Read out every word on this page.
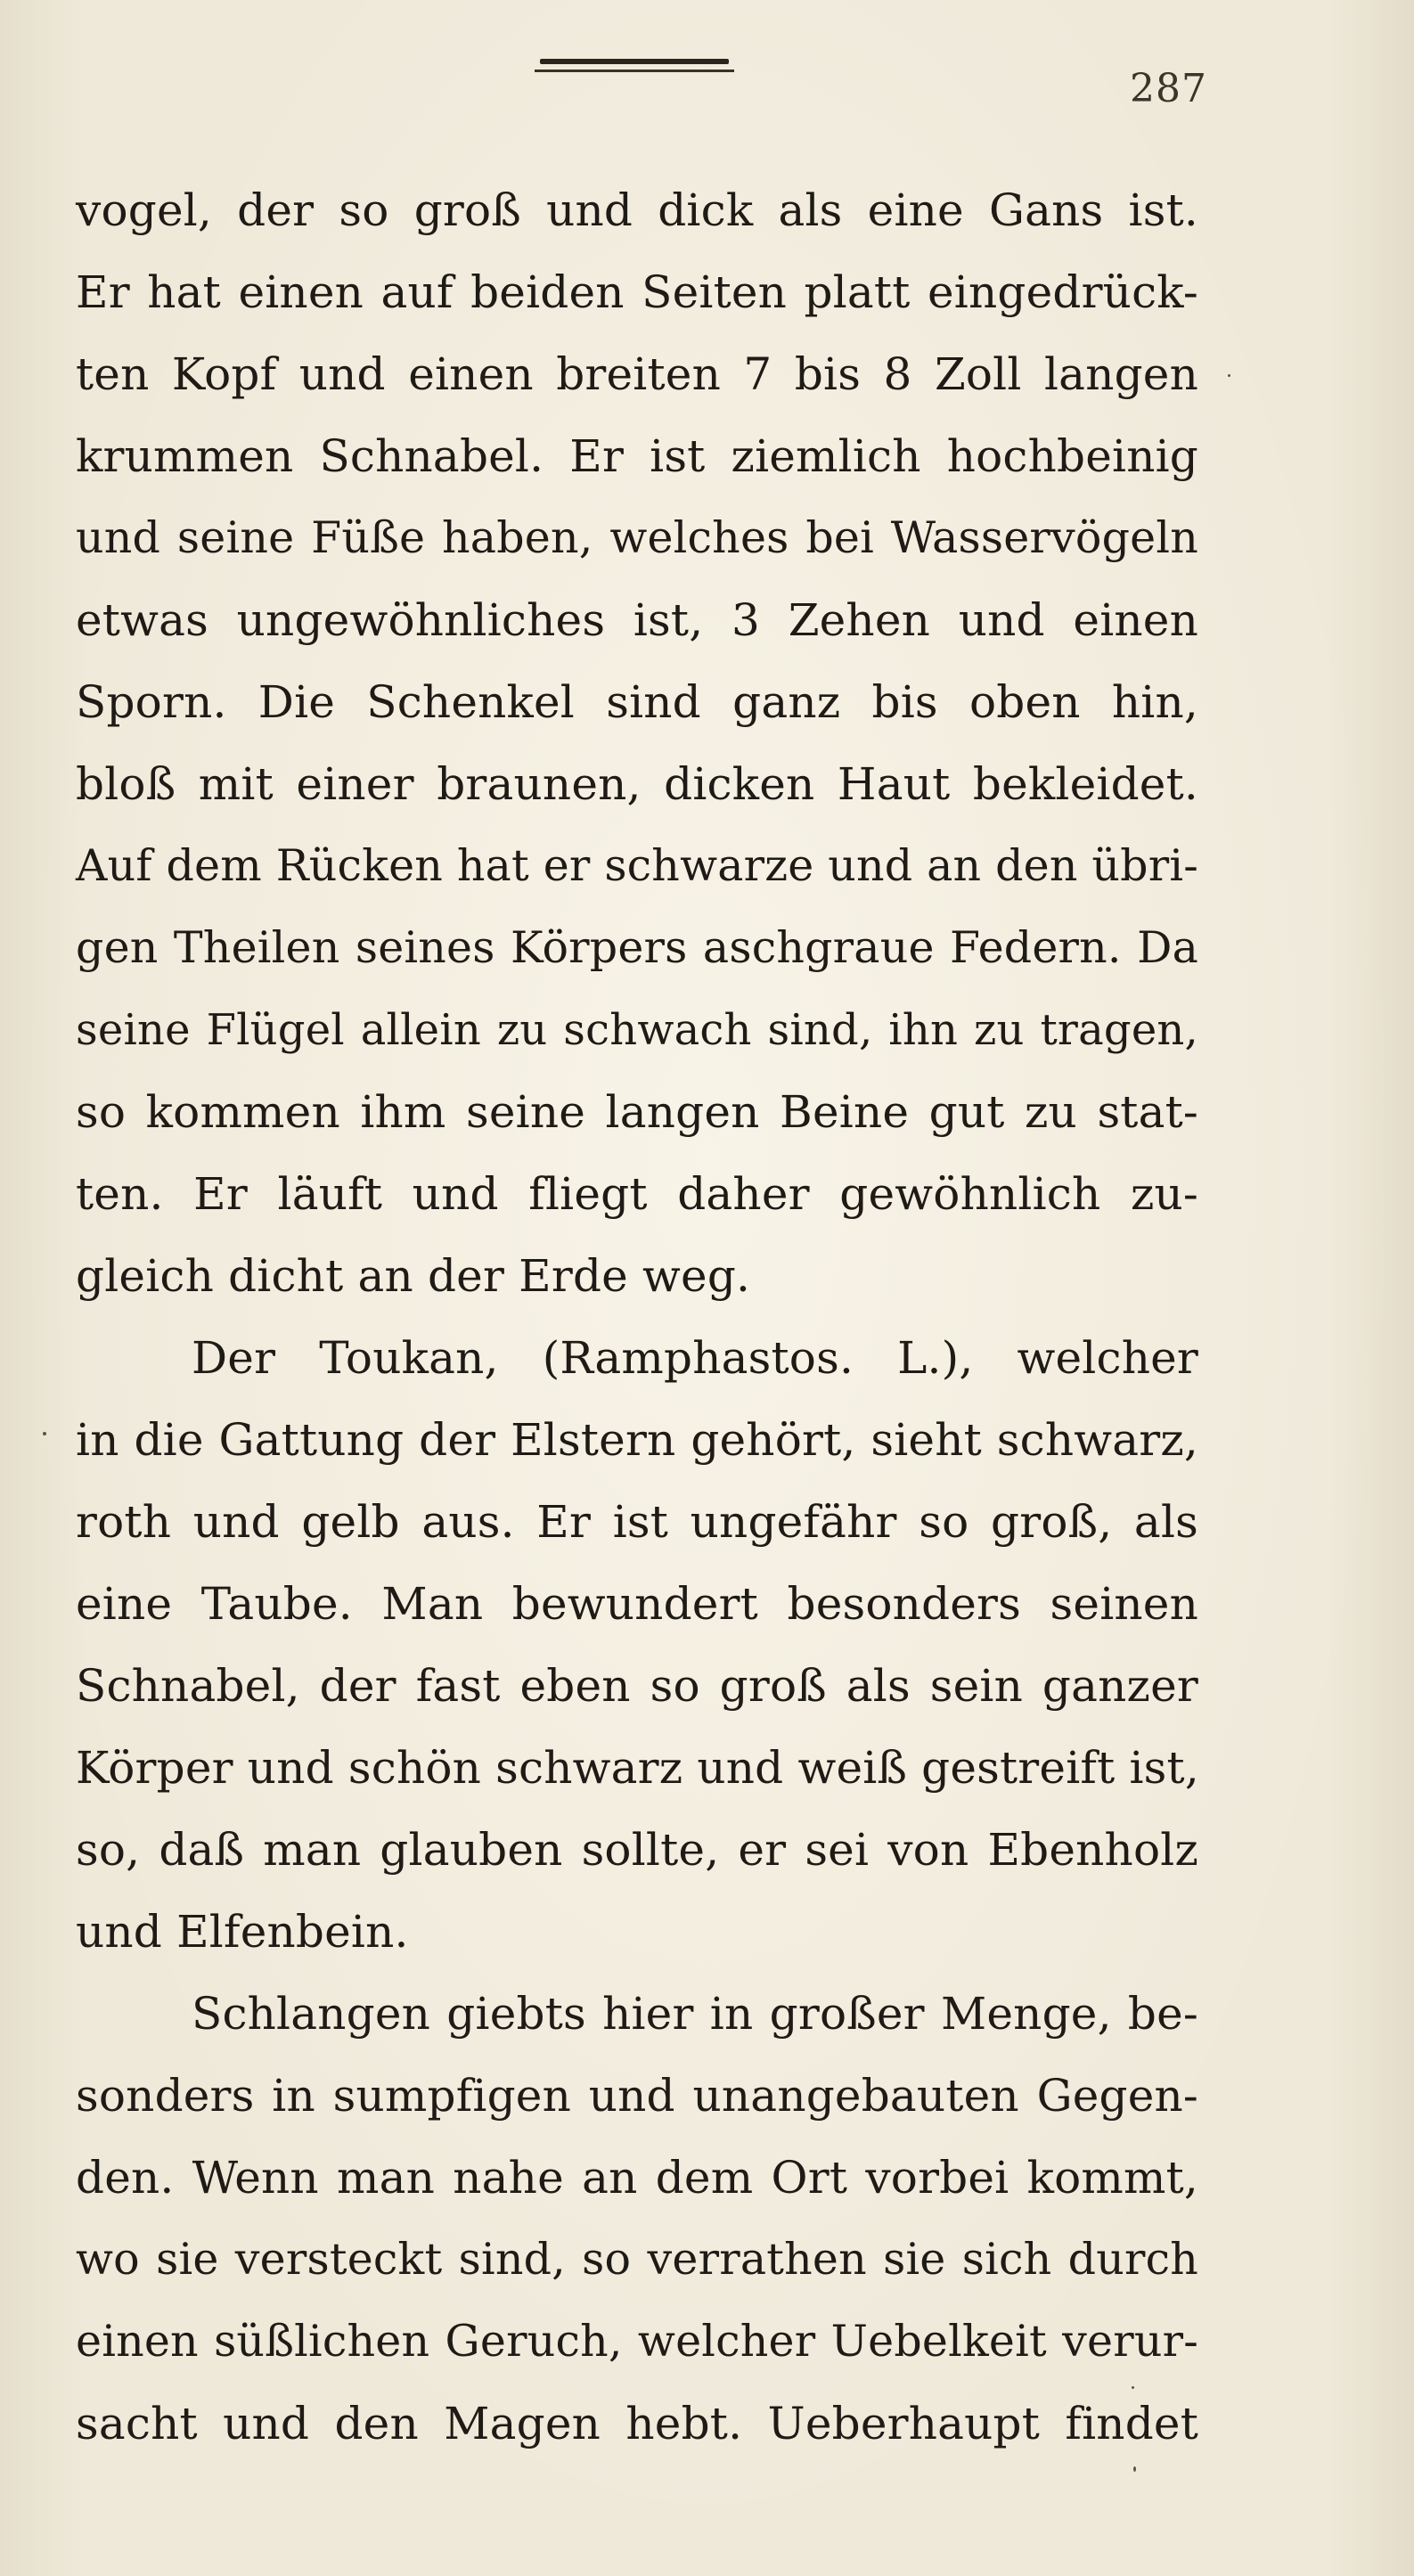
287
vogel, der so groß und dick als eine Gans ist.
Er hat einen auf beiden Seiten platt eingedrück-
ten Kopf und einen breiten 7 bis 8 Zoll langen
krummen Schnabel. Er ist ziemlich hochbeinig
und seine Füße haben, welches bei Wasservögeln
etwas ungewöhnliches ist, 3 Zehen und einen
Sporn. Die Schenkel sind ganz bis oben hin,
bloß mit einer braunen, dicken Haut bekleidet.
Auf dem Rücken hat er schwarze und an den übri-
gen Theilen seines Körpers aschgraue Federn. Da
seine Flügel allein zu schwach sind, ihn zu tragen,
so kommen ihm seine langen Beine gut zu stat-
ten. Er läuft und fliegt daher gewöhnlich zu-
gleich dicht an der Erde weg.
Der Toukan, (Ramphastos. L.), welcher
in die Gattung der Elstern gehört, sieht schwarz,
roth und gelb aus. Er ist ungefähr so groß, als
eine Taube. Man bewundert besonders seinen
Schnabel, der fast eben so groß als sein ganzer
Körper und schön schwarz und weiß gestreift ist,
so, daß man glauben sollte, er sei von Ebenholz
und Elfenbein.
Schlangen giebts hier in großer Menge, be-
sonders in sumpfigen und unangebauten Gegen-
den. Wenn man nahe an dem Ort vorbei kommt,
wo sie versteckt sind, so verrathen sie sich durch
einen süßlichen Geruch, welcher Uebelkeit verur-
sacht und den Magen hebt. Ueberhaupt findet
